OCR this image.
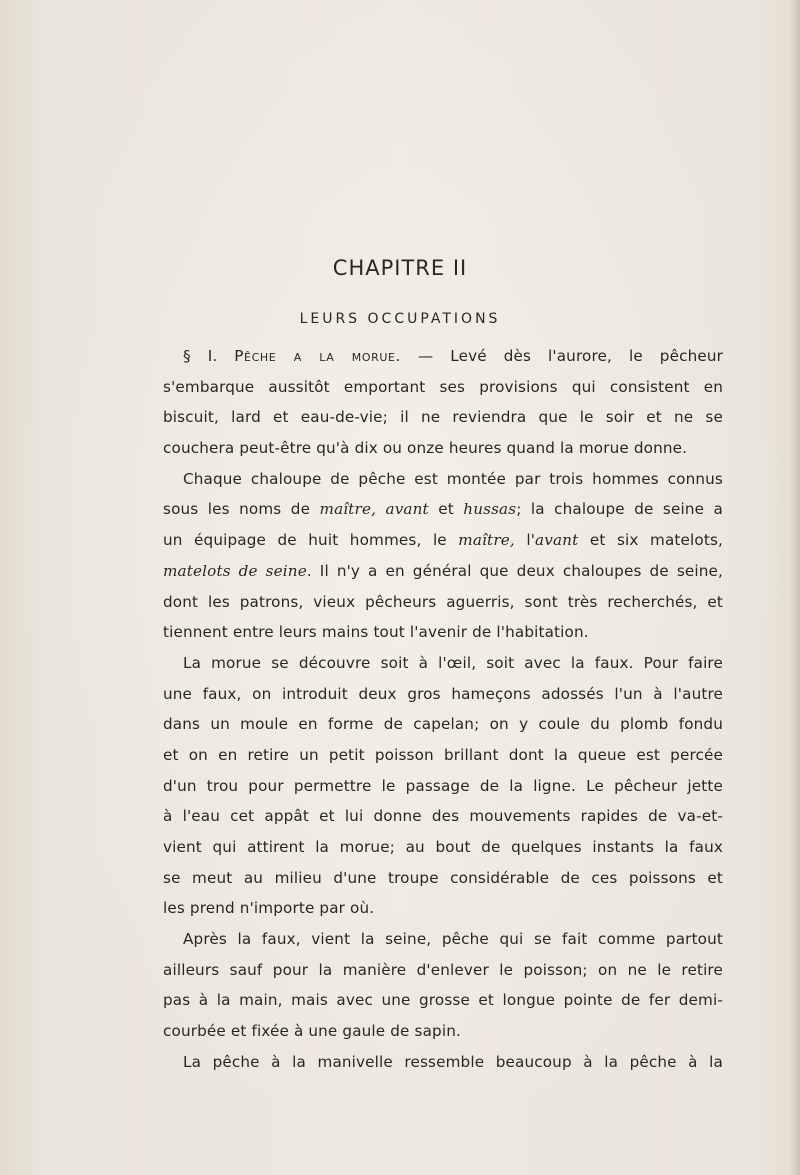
CHAPITRE II
LEURS OCCUPATIONS
§ I. Pêche a la morue. — Levé dès l'aurore, le pêcheur
s'embarque aussitôt emportant ses provisions qui consistent en
biscuit, lard et eau-de-vie; il ne reviendra que le soir et ne se
couchera peut-être qu'à dix ou onze heures quand la morue donne.
Chaque chaloupe de pêche est montée par trois hommes connus
sous les noms de maître, avant et hussas; la chaloupe de seine a
un équipage de huit hommes, le maître, l'avant et six matelots,
matelots de seine. Il n'y a en général que deux chaloupes de seine,
dont les patrons, vieux pêcheurs aguerris, sont très recherchés, et
tiennent entre leurs mains tout l'avenir de l'habitation.
La morue se découvre soit à l'œil, soit avec la faux. Pour faire
une faux, on introduit deux gros hameçons adossés l'un à l'autre
dans un moule en forme de capelan; on y coule du plomb fondu
et on en retire un petit poisson brillant dont la queue est percée
d'un trou pour permettre le passage de la ligne. Le pêcheur jette
à l'eau cet appât et lui donne des mouvements rapides de va-et-
vient qui attirent la morue; au bout de quelques instants la faux
se meut au milieu d'une troupe considérable de ces poissons et
les prend n'importe par où.
Après la faux, vient la seine, pêche qui se fait comme partout
ailleurs sauf pour la manière d'enlever le poisson; on ne le retire
pas à la main, mais avec une grosse et longue pointe de fer demi-
courbée et fixée à une gaule de sapin.
La pêche à la manivelle ressemble beaucoup à la pêche à la
